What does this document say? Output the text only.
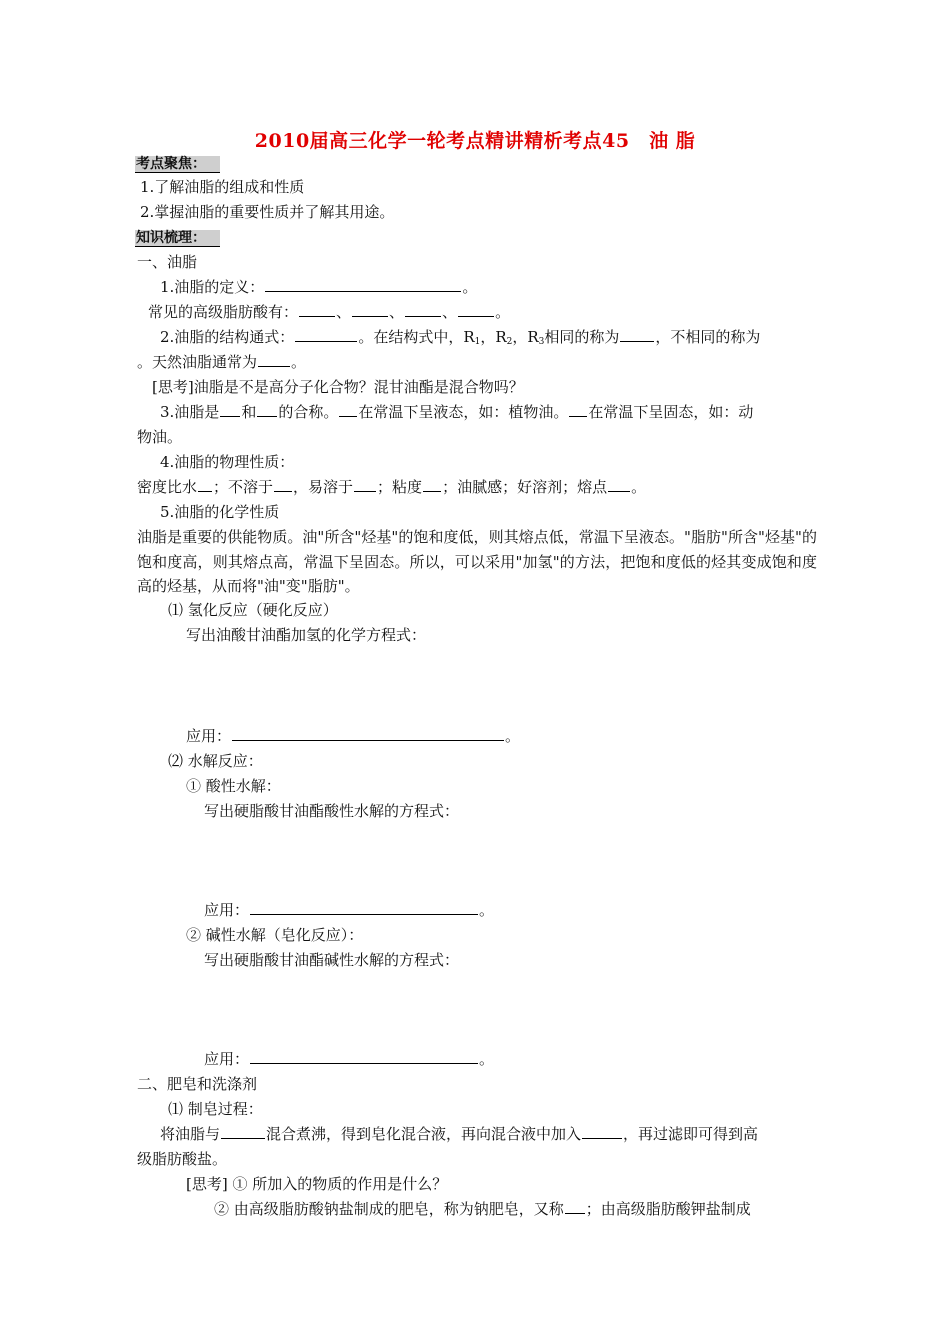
2010届高三化学一轮考点精讲精析考点45　油 脂
考点聚焦：
1.了解油脂的组成和性质
2.掌握油脂的重要性质并了解其用途。
知识梳理：
一、油脂
1.油脂的定义：	。
常见的高级脂肪酸有：	、	、	、	。
2.油脂的结构通式：	。在结构式中，$R_1$，$R_2$，$R_3$相同的称为 ，不相同的称为
。天然油脂通常为 。
[思考]油脂是不是高分子化合物？混甘油酯是混合物吗？
3.油脂是 和 的合称。 在常温下呈液态，如：植物油。 在常温下呈固态，如：动
物油。
4.油脂的物理性质：
密度比水 ；不溶于 ，易溶于 ；粘度 ；油腻感；好溶剂；熔点 。
5.油脂的化学性质
油脂是重要的供能物质。油"所含"烃基"的饱和度低，则其熔点低，常温下呈液态。"脂肪"所含"烃基"的饱和度高，则其熔点高，常温下呈固态。所以，可以采用"加氢"的方法，把饱和度低的烃其变成饱和度高的烃基，从而将"油"变"脂肪"。
⑴ 氢化反应（硬化反应）
写出油酸甘油酯加氢的化学方程式：
应用：	。
⑵ 水解反应：
① 酸性水解：
写出硬脂酸甘油酯酸性水解的方程式：
应用：	。
② 碱性水解（皂化反应）：
写出硬脂酸甘油酯碱性水解的方程式：
应用：	。
二、肥皂和洗涤剂
⑴ 制皂过程：
将油脂与	混合煮沸，得到皂化混合液，再向混合液中加入	，再过滤即可得到高
级脂肪酸盐。
[思考] ① 所加入的物质的作用是什么？
② 由高级脂肪酸钠盐制成的肥皂，称为钠肥皂，又称 ；由高级脂肪酸钾盐制成
